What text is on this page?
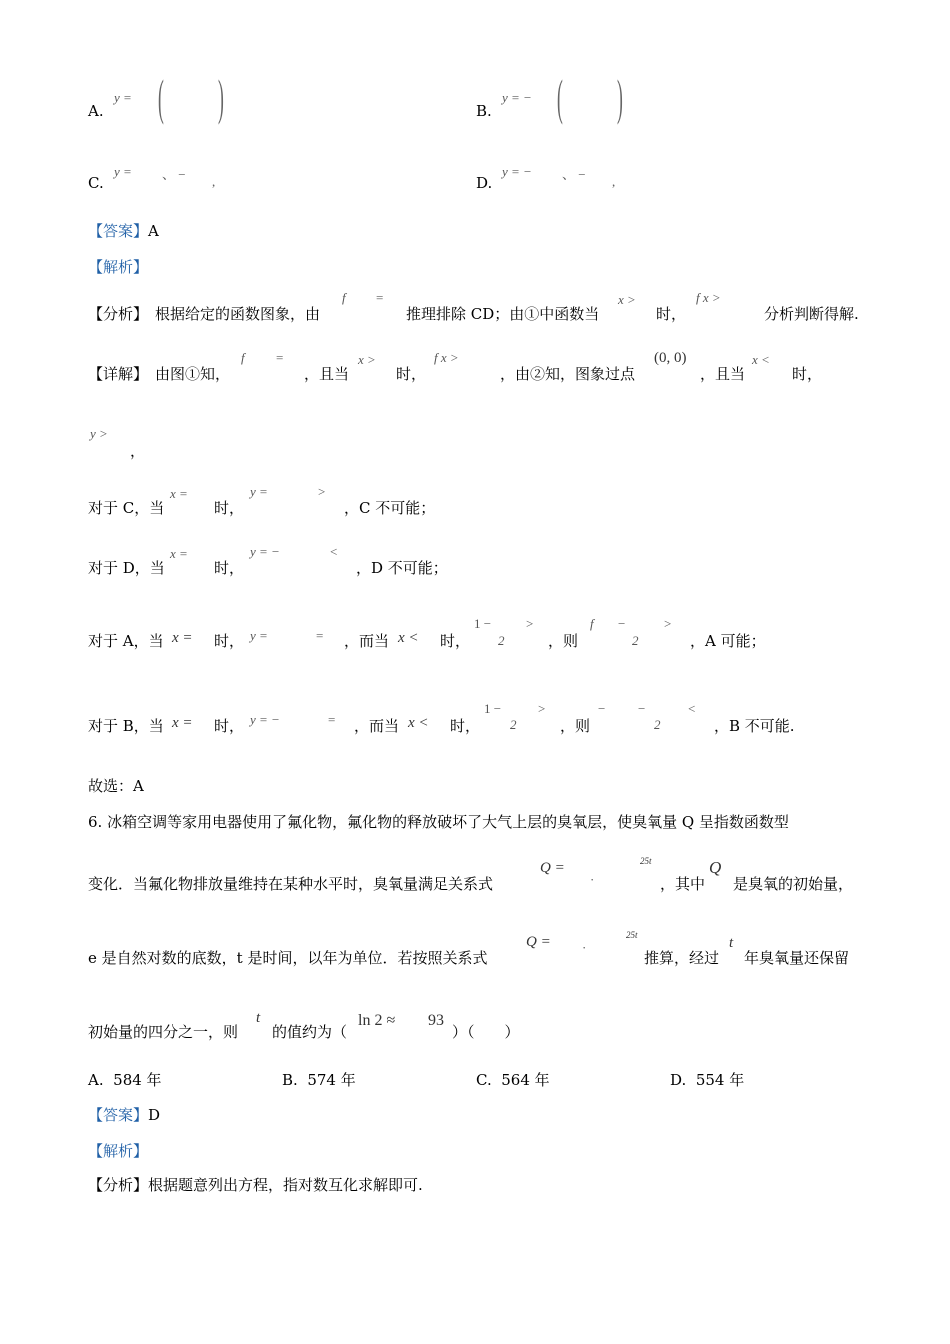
A.
y = ( )	B.
y = − ( )
C.
y = 、 − ,	D.
y = − 、 − ,
【答案】A
【解析】
【分析】 根据给定的函数图象，由
f =
推理排除 CD；由①中函数当
x >
时，
f x >
分析判断得解.
【详解】 由图①知，
f =
，且当
x >
时，
f x >
，由②知，图象过点
(0, 0)
，且当
x <
时，
y >
，
对于 C，当
x =
时，
y =	>
，C 不可能；
对于 D，当
x =
时，
y = −	<
，D 不可能；
对于 A，当 x = 时， y =	= ，而当 x < 时，
1 −
2
>
，则
f −
2
>
，A 可能；
对于 B，当 x = 时， y = −	= ，而当 x < 时，
1 −
2
>
，则
−	−
2
<
，B 不可能.
故选：A
6. 冰箱空调等家用电器使用了氟化物，氟化物的释放破坏了大气上层的臭氧层，使臭氧量 Q 呈指数函数型
变化．当氟化物排放量维持在某种水平时，臭氧量满足关系式
Q =
·
25t
，其中
Q
是臭氧的初始量，
e 是自然对数的底数，t 是时间，以年为单位．若按照关系式
Q = ·
25t
推算，经过
t
年臭氧量还保留
初始量的四分之一，则
t
的值约为（
ln 2 ≈ 93
）（　　）
A. 584 年	B. 574 年	C. 564 年	D. 554 年
【答案】D
【解析】
【分析】根据题意列出方程，指对数互化求解即可.
